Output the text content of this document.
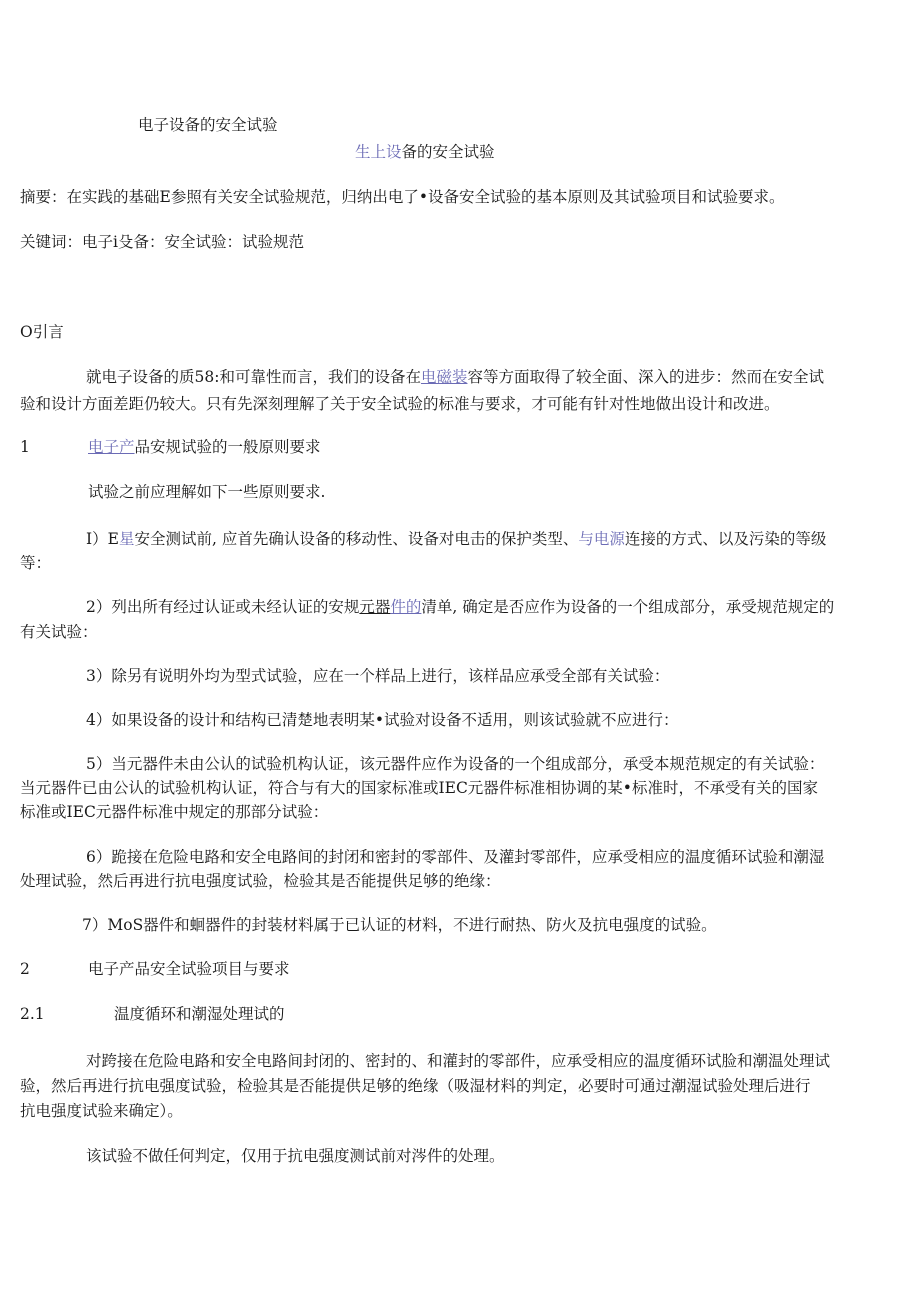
电子设备的安全试验
生上设备的安全试验
摘要：在实践的基础E参照有关安全试验规范，归纳出电了•设备安全试验的基本原则及其试验项目和试验要求。
关键词：电子i殳备：安全试验：试验规范
O引言
就电子设备的质58:和可靠性而言，我们的设备在电磁装容等方面取得了较全面、深入的进步：然而在安全试
验和设计方面差距仍较大。只有先深刻理解了关于安全试验的标准与要求，才可能有针对性地做出设计和改进。
1	电子产品安规试验的一般原则要求
试验之前应理解如下一些原则要求.
I）E星安全测试前, 应首先确认设备的移动性、设备对电击的保护类型、与电源连接的方式、以及污染的等级
等：
2）列出所有经过认证或未经认证的安规元器件的清单, 确定是否应作为设备的一个组成部分，承受规范规定的
有关试验：
3）除另有说明外均为型式试验，应在一个样品上进行，该样品应承受全部有关试验：
4）如果设备的设计和结构已清楚地表明某•试验对设备不适用，则该试验就不应进行：
5）当元器件未由公认的试验机构认证，该元器件应作为设备的一个组成部分，承受本规范规定的有关试验：
当元器件已由公认的试验机构认证，符合与有大的国家标准或IEC元器件标准相协调的某•标准时，不承受有关的国家
标准或IEC元器件标准中规定的那部分试验：
6）跪接在危险电路和安全电路间的封闭和密封的零部件、及灌封零部件，应承受相应的温度循环试验和潮湿
处理试验，然后再进行抗电强度试验，检验其是否能提供足够的绝缘：
7）MoS器件和蛔器件的封装材料属于已认证的材料，不进行耐热、防火及抗电强度的试验。
2	电子产品安全试验项目与要求
2.1	温度循环和潮湿处理试的
对跨接在危险电路和安全电路间封闭的、密封的、和灌封的零部件，应承受相应的温度循环试脸和潮温处理试
验，然后再进行抗电强度试验，检验其是否能提供足够的绝缘（吸湿材料的判定，必要时可通过潮湿试验处理后进行
抗电强度试验来确定）。
该试验不做任何判定，仅用于抗电强度测试前对涔件的处理。
